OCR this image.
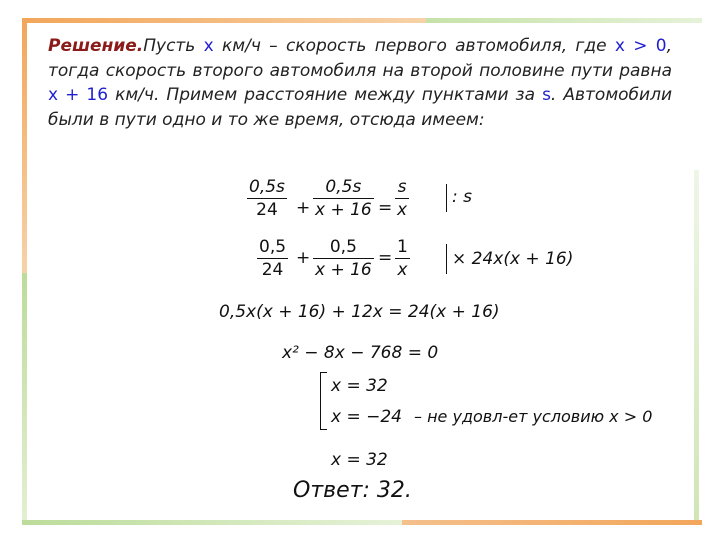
Решение.Пусть х км/ч – скорость первого автомобиля, где х > 0, тогда скорость второго автомобиля на второй половине пути равна х + 16 км/ч. Примем расстояние между пунктами за s. Автомобили были в пути одно и то же время, отсюда имеем:
0,5s
24 +
0,5s
x + 16 =
s
x
: s
0,5
24
+
0,5
x + 16
=
1
x
× 24x(x + 16)
0,5x(x + 16) + 12x = 24(x + 16)
x² − 8x − 768 = 0
x = 32
x = −24 – не удовл-ет условию x > 0
x = 32
Ответ: 32.
